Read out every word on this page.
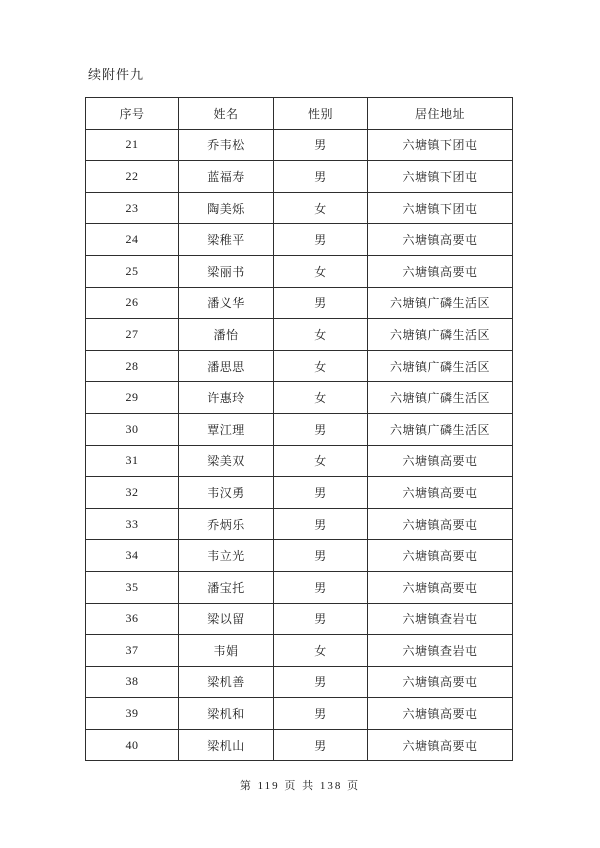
续附件九
序号	姓名	性别	居住地址
21	乔韦松	男	六塘镇下团屯
22	蓝福寿	男	六塘镇下团屯
23	陶美烁	女	六塘镇下团屯
24	梁稚平	男	六塘镇高要屯
25	梁丽书	女	六塘镇高要屯
26	潘义华	男	六塘镇广磷生活区
27	潘怡	女	六塘镇广磷生活区
28	潘思思	女	六塘镇广磷生活区
29	许惠玲	女	六塘镇广磷生活区
30	覃江理	男	六塘镇广磷生活区
31	梁美双	女	六塘镇高要屯
32	韦汉勇	男	六塘镇高要屯
33	乔炳乐	男	六塘镇高要屯
34	韦立光	男	六塘镇高要屯
35	潘宝托	男	六塘镇高要屯
36	梁以留	男	六塘镇查岩屯
37	韦娟	女	六塘镇查岩屯
38	梁机善	男	六塘镇高要屯
39	梁机和	男	六塘镇高要屯
40	梁机山	男	六塘镇高要屯
第 119 页 共 138 页
